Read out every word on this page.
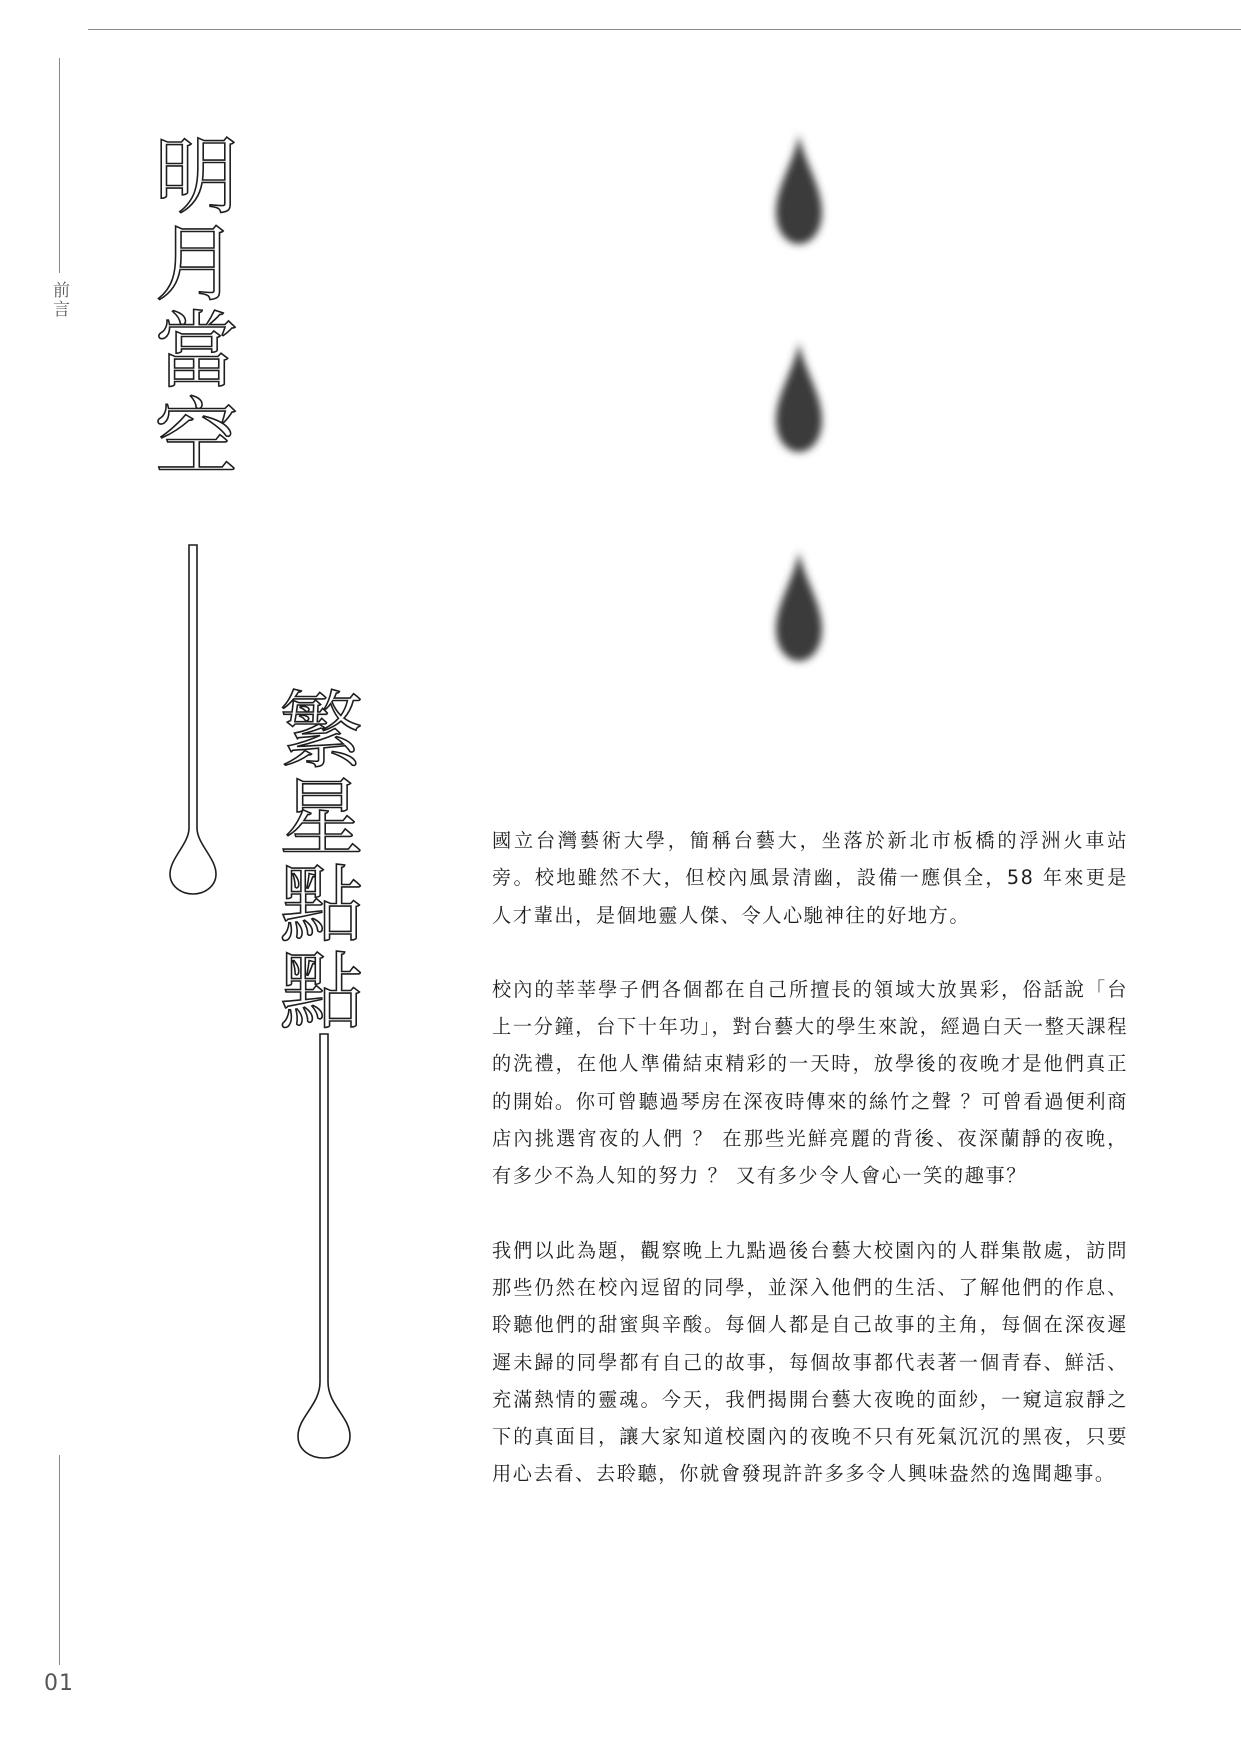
前言
01
明月當空
繁星點點	國立台灣藝術大學，簡稱台藝大，坐落於新北市板橋的浮洲火車站旁。校地雖然不大，但校內風景清幽，設備一應俱全，58 年來更是人才輩出，是個地靈人傑、令人心馳神往的好地方。

校內的莘莘學子們各個都在自己所擅長的領域大放異彩，俗話說「台上一分鐘，台下十年功」，對台藝大的學生來說，經過白天一整天課程的洗禮，在他人準備結束精彩的一天時，放學後的夜晚才是他們真正的開始。你可曾聽過琴房在深夜時傳來的絲竹之聲 ？可曾看過便利商店內挑選宵夜的人們 ？ 在那些光鮮亮麗的背後、夜深蘭靜的夜晚，有多少不為人知的努力 ？ 又有多少令人會心一笑的趣事？

我們以此為題，觀察晚上九點過後台藝大校園內的人群集散處，訪問那些仍然在校內逗留的同學，並深入他們的生活、了解他們的作息、聆聽他們的甜蜜與辛酸。每個人都是自己故事的主角，每個在深夜遲遲未歸的同學都有自己的故事，每個故事都代表著一個青春、鮮活、充滿熱情的靈魂。今天，我們揭開台藝大夜晚的面紗，一窺這寂靜之下的真面目，讓大家知道校園內的夜晚不只有死氣沉沉的黑夜，只要用心去看、去聆聽，你就會發現許許多多令人興味盎然的逸聞趣事。
